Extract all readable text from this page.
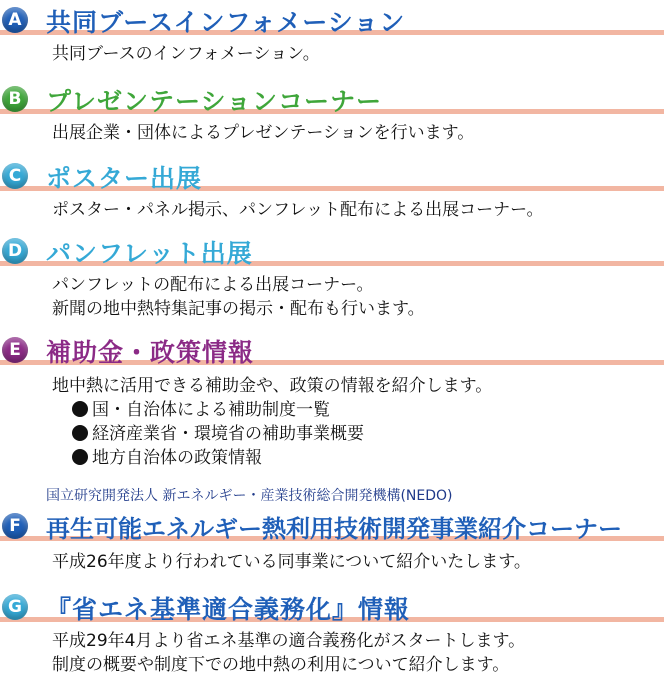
A 共同ブースインフォメーション
共同ブースのインフォメーション。
B プレゼンテーションコーナー
出展企業・団体によるプレゼンテーションを行います。
C ポスター出展
ポスター・パネル掲示、パンフレット配布による出展コーナー。
D パンフレット出展
パンフレットの配布による出展コーナー。
新聞の地中熱特集記事の掲示・配布も行います。
E 補助金・政策情報
地中熱に活用できる補助金や、政策の情報を紹介します。
国・自治体による補助制度一覧
経済産業省・環境省の補助事業概要
地方自治体の政策情報
国立研究開発法人 新エネルギー・産業技術総合開発機構(NEDO)
F 再生可能エネルギー熱利用技術開発事業紹介コーナー
平成26年度より行われている同事業について紹介いたします。
G 『省エネ基準適合義務化』情報
平成29年4月より省エネ基準の適合義務化がスタートします。
制度の概要や制度下での地中熱の利用について紹介します。
